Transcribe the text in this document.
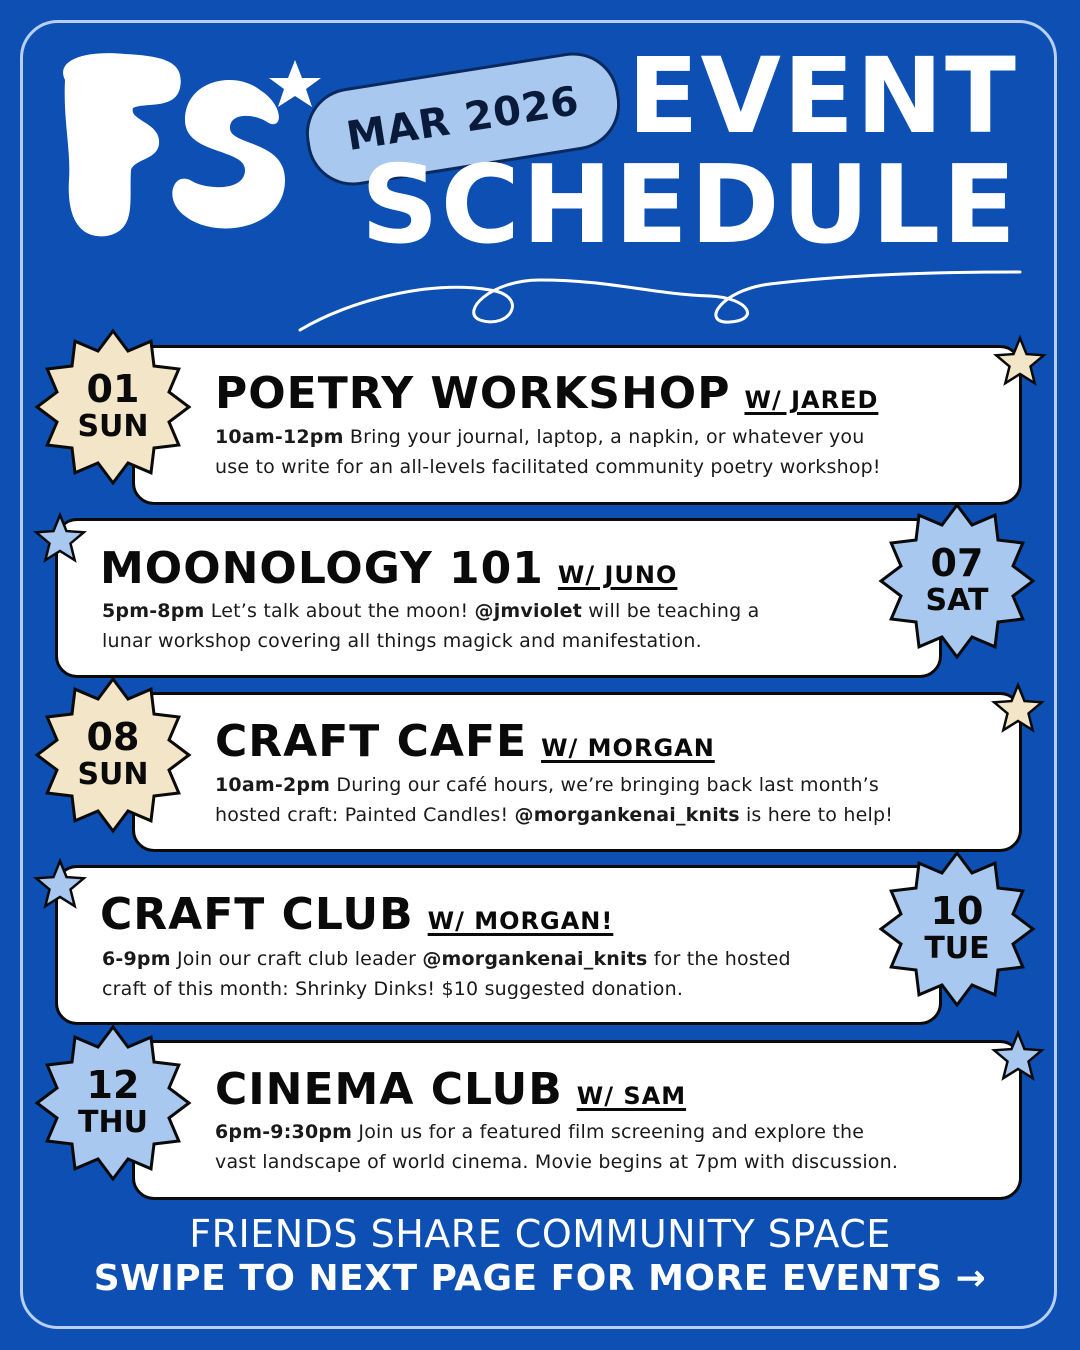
MAR 2026 EVENT
SCHEDULE
POETRY WORKSHOP W/ JARED
10am-12pm Bring your journal, laptop, a napkin, or whatever you
use to write for an all-levels facilitated community poetry workshop!
MOONOLOGY 101 W/ JUNO
5pm-8pm Let’s talk about the moon! @jmviolet will be teaching a
lunar workshop covering all things magick and manifestation.
CRAFT CAFE W/ MORGAN
10am-2pm During our café hours, we’re bringing back last month’s
hosted craft: Painted Candles! @morgankenai_knits is here to help!
CRAFT CLUB W/ MORGAN!
6-9pm Join our craft club leader @morgankenai_knits for the hosted
craft of this month: Shrinky Dinks! $10 suggested donation.
CINEMA CLUB W/ SAM
6pm-9:30pm Join us for a featured film screening and explore the
vast landscape of world cinema. Movie begins at 7pm with discussion.
01
SUN
07
SAT
08
SUN
10
TUE
12
THU
FRIENDS SHARE COMMUNITY SPACE
SWIPE TO NEXT PAGE FOR MORE EVENTS →
